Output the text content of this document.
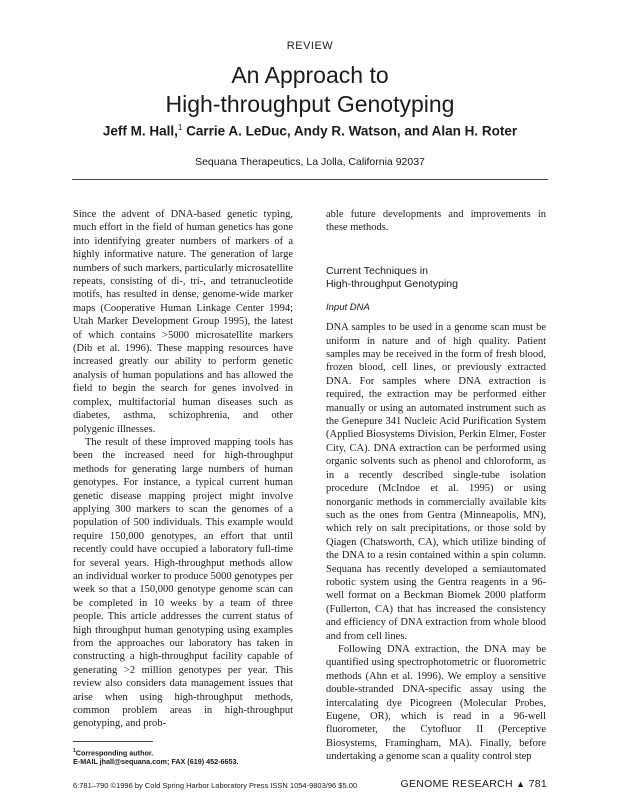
REVIEW
An Approach to
High-throughput Genotyping
Jeff M. Hall,$^1$ Carrie A. LeDuc, Andy R. Watson, and Alan H. Roter
Sequana Therapeutics, La Jolla, California 92037

Since the advent of DNA-based genetic typing, much effort in the field of human genetics has gone into identifying greater numbers of markers of a highly informative nature. The generation of large numbers of such markers, particularly microsatellite repeats, consisting of di-, tri-, and tetranucleotide motifs, has resulted in dense, genome-wide marker maps (Cooperative Human Linkage Center 1994; Utah Marker Development Group 1995), the latest of which contains >5000 microsatellite markers (Dib et al. 1996). These mapping resources have increased greatly our ability to perform genetic analysis of human populations and has allowed the field to begin the search for genes involved in complex, multifactorial human diseases such as diabetes, asthma, schizophrenia, and other polygenic illnesses.

The result of these improved mapping tools has been the increased need for high-throughput methods for generating large numbers of human genotypes. For instance, a typical current human genetic disease mapping project might involve applying 300 markers to scan the genomes of a population of 500 individuals. This example would require 150,000 genotypes, an effort that until recently could have occupied a laboratory full-time for several years. High-throughput methods allow an individual worker to produce 5000 genotypes per week so that a 150,000 genotype genome scan can be completed in 10 weeks by a team of three people. This article addresses the current status of high throughput human genotyping using examples from the approaches our laboratory has taken in constructing a high-throughput facility capable of generating >2 million genotypes per year. This review also considers data management issues that arise when using high-throughput methods, common problem areas in high-throughput genotyping, and prob-

$^1$Corresponding author.
E-MAIL jhall@sequana.com; FAX (619) 452-6653.

able future developments and improvements in these methods.

Current Techniques in
High-throughput Genotyping

Input DNA

DNA samples to be used in a genome scan must be uniform in nature and of high quality. Patient samples may be received in the form of fresh blood, frozen blood, cell lines, or previously extracted DNA. For samples where DNA extraction is required, the extraction may be performed either manually or using an automated instrument such as the Genepure 341 Nucleic Acid Purification System (Applied Biosystems Division, Perkin Elmer, Foster City, CA). DNA extraction can be performed using organic solvents such as phenol and chloroform, as in a recently described single-tube isolation procedure (McIndoe et al. 1995) or using nonorganic methods in commercially available kits such as the ones from Gentra (Minneapolis, MN), which rely on salt precipitations, or those sold by Qiagen (Chatsworth, CA), which utilize binding of the DNA to a resin contained within a spin column. Sequana has recently developed a semiautomated robotic system using the Gentra reagents in a 96-well format on a Beckman Biomek 2000 platform (Fullerton, CA) that has increased the consistency and efficiency of DNA extraction from whole blood and from cell lines.

Following DNA extraction, the DNA may be quantified using spectrophotometric or fluorometric methods (Ahn et al. 1996). We employ a sensitive double-stranded DNA-specific assay using the intercalating dye Picogreen (Molecular Probes, Eugene, OR), which is read in a 96-well fluorometer, the Cytofluor II (Perceptive Biosystems, Framingham, MA). Finally, before undertaking a genome scan a quality control step

6:781–790 ©1996 by Cold Spring Harbor Laboratory Press ISSN 1054-9803/96 $5.00	GENOME RESEARCH ▲ 781
